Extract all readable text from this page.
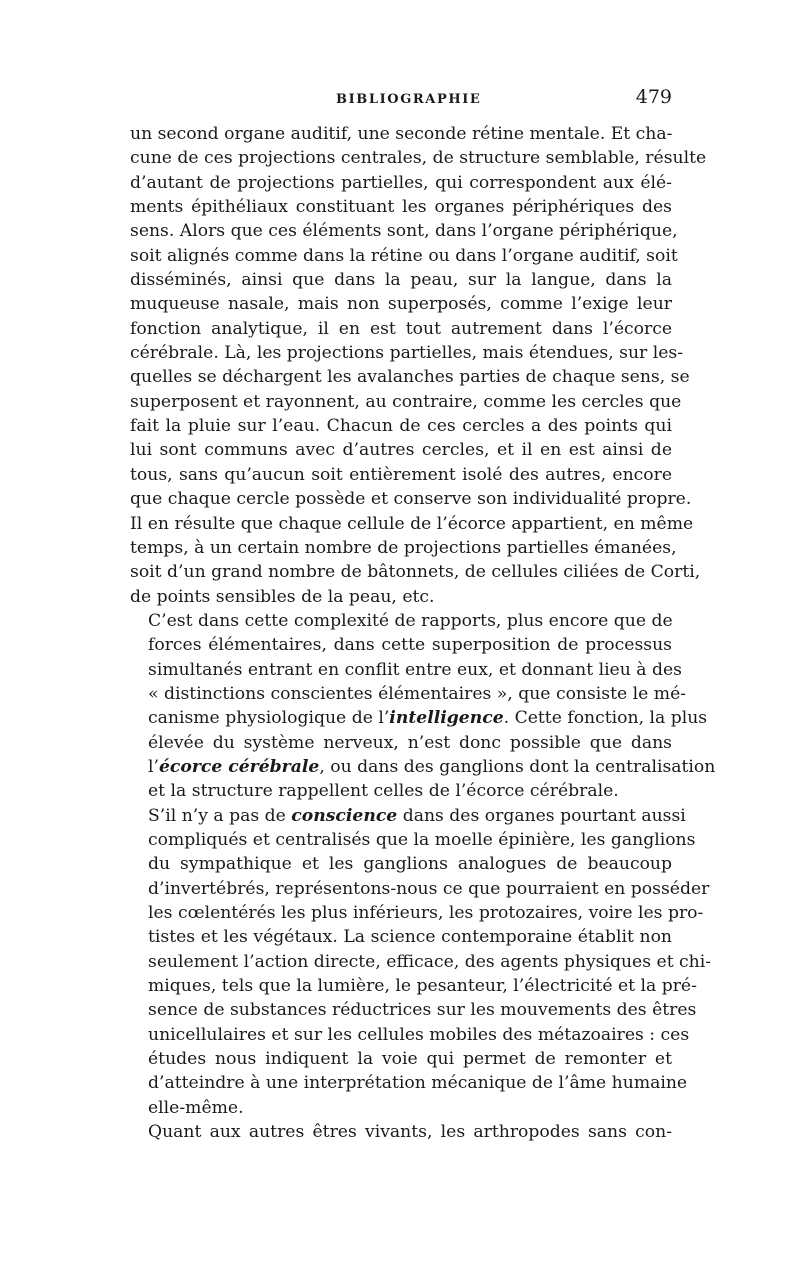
BIBLIOGRAPHIE	479

un second organe auditif, une seconde rétine mentale. Et cha-
cune de ces projections centrales, de structure semblable, résulte
d’autant de projections partielles, qui correspondent aux élé-
ments épithéliaux constituant les organes périphériques des
sens. Alors que ces éléments sont, dans l’organe périphérique,
soit alignés comme dans la rétine ou dans l’organe auditif, soit
disséminés, ainsi que dans la peau, sur la langue, dans la
muqueuse nasale, mais non superposés, comme l’exige leur
fonction analytique, il en est tout autrement dans l’écorce
cérébrale. Là, les projections partielles, mais étendues, sur les-
quelles se déchargent les avalanches parties de chaque sens, se
superposent et rayonnent, au contraire, comme les cercles que
fait la pluie sur l’eau. Chacun de ces cercles a des points qui
lui sont communs avec d’autres cercles, et il en est ainsi de
tous, sans qu’aucun soit entièrement isolé des autres, encore
que chaque cercle possède et conserve son individualité propre.
Il en résulte que chaque cellule de l’écorce appartient, en même
temps, à un certain nombre de projections partielles émanées,
soit d’un grand nombre de bâtonnets, de cellules ciliées de Corti,
de points sensibles de la peau, etc.

C’est dans cette complexité de rapports, plus encore que de
forces élémentaires, dans cette superposition de processus
simultanés entrant en conflit entre eux, et donnant lieu à des
« distinctions conscientes élémentaires », que consiste le mé-
canisme physiologique de l’intelligence. Cette fonction, la plus
élevée du système nerveux, n’est donc possible que dans
l’écorce cérébrale, ou dans des ganglions dont la centralisation
et la structure rappellent celles de l’écorce cérébrale.

S’il n’y a pas de conscience dans des organes pourtant aussi
compliqués et centralisés que la moelle épinière, les ganglions
du sympathique et les ganglions analogues de beaucoup
d’invertébrés, représentons-nous ce que pourraient en posséder
les cœlentérés les plus inférieurs, les protozaires, voire les pro-
tistes et les végétaux. La science contemporaine établit non
seulement l’action directe, efficace, des agents physiques et chi-
miques, tels que la lumière, le pesanteur, l’électricité et la pré-
sence de substances réductrices sur les mouvements des êtres
unicellulaires et sur les cellules mobiles des métazoaires : ces
études nous indiquent la voie qui permet de remonter et
d’atteindre à une interprétation mécanique de l’âme humaine
elle-même.

Quant aux autres êtres vivants, les arthropodes sans con-
